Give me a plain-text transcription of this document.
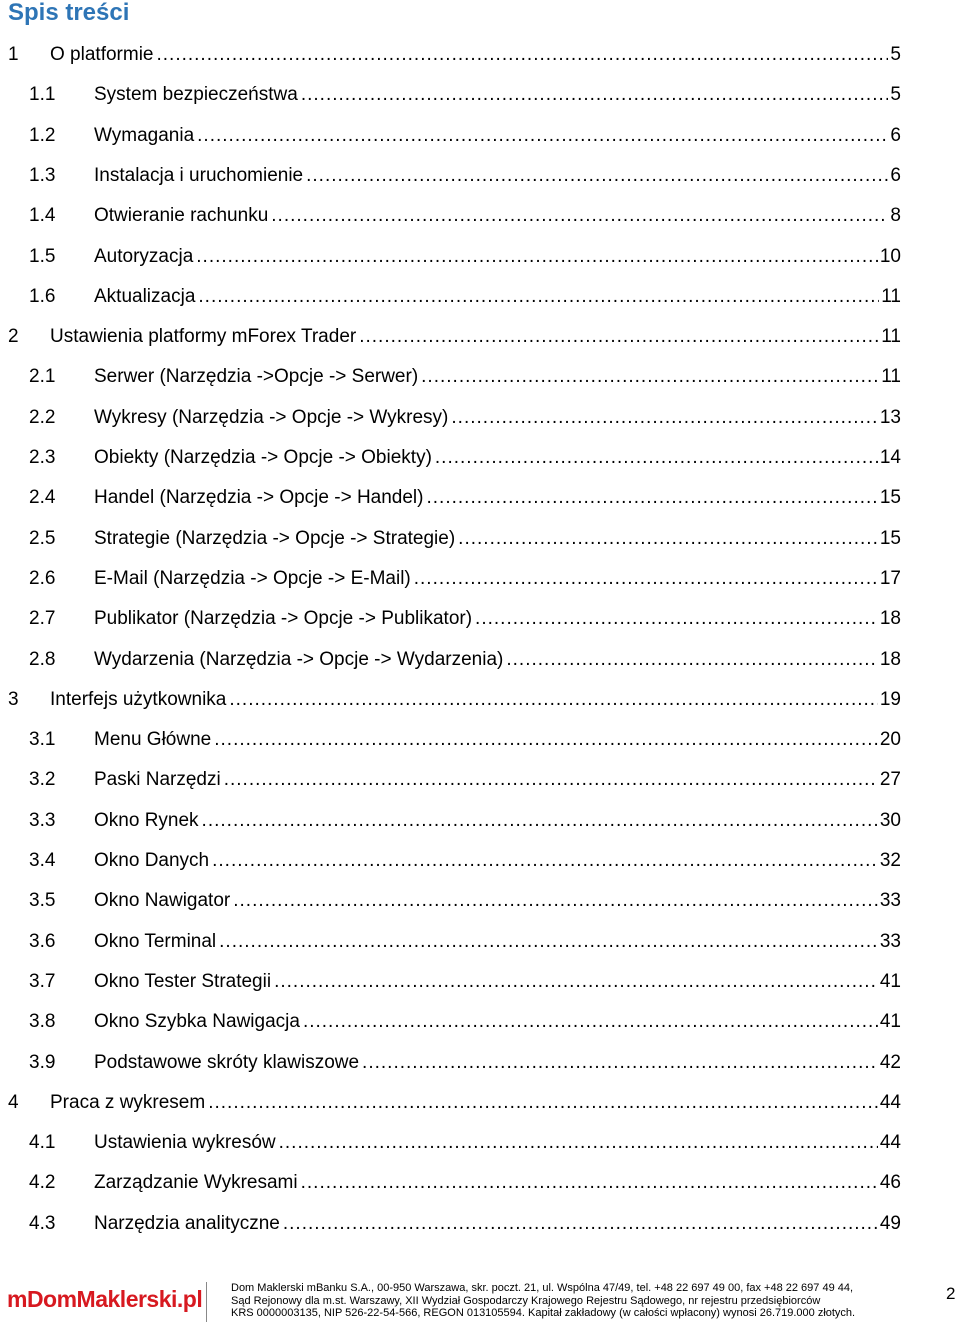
Spis treści
1 O platformie .....	5
1.1 System bezpieczeństwa .....	5
1.2 Wymagania .....	6
1.3 Instalacja i uruchomienie .....	6
1.4 Otwieranie rachunku .....	8
1.5 Autoryzacja .....	10
1.6 Aktualizacja .....	11
2 Ustawienia platformy mForex Trader .....	11
2.1 Serwer (Narzędzia ->Opcje -> Serwer) .....	11
2.2 Wykresy (Narzędzia -> Opcje -> Wykresy) .....	13
2.3 Obiekty (Narzędzia -> Opcje -> Obiekty) .....	14
2.4 Handel (Narzędzia -> Opcje -> Handel) .....	15
2.5 Strategie (Narzędzia -> Opcje -> Strategie) .....	15
2.6 E-Mail (Narzędzia -> Opcje -> E-Mail) .....	17
2.7 Publikator (Narzędzia -> Opcje -> Publikator) .....	18
2.8 Wydarzenia (Narzędzia -> Opcje -> Wydarzenia) .....	18
3 Interfejs użytkownika .....	19
3.1 Menu Główne .....	20
3.2 Paski Narzędzi .....	27
3.3 Okno Rynek .....	30
3.4 Okno Danych .....	32
3.5 Okno Nawigator .....	33
3.6 Okno Terminal .....	33
3.7 Okno Tester Strategii .....	41
3.8 Okno Szybka Nawigacja .....	41
3.9 Podstawowe skróty klawiszowe .....	42
4 Praca z wykresem .....	44
4.1 Ustawienia wykresów .....	44
4.2 Zarządzanie Wykresami .....	46
4.3 Narzędzia analityczne .....	49
mDomMaklerski.pl	Dom Maklerski mBanku S.A., 00-950 Warszawa, skr. poczt. 21, ul. Wspólna 47/49, tel. +48 22 697 49 00, fax +48 22 697 49 44,
Sąd Rejonowy dla m.st. Warszawy, XII Wydział Gospodarczy Krajowego Rejestru Sądowego, nr rejestru przedsiębiorców
KRS 0000003135, NIP 526-22-54-566, REGON 013105594. Kapitał zakładowy (w całości wpłacony) wynosi 26.719.000 złotych.
2
